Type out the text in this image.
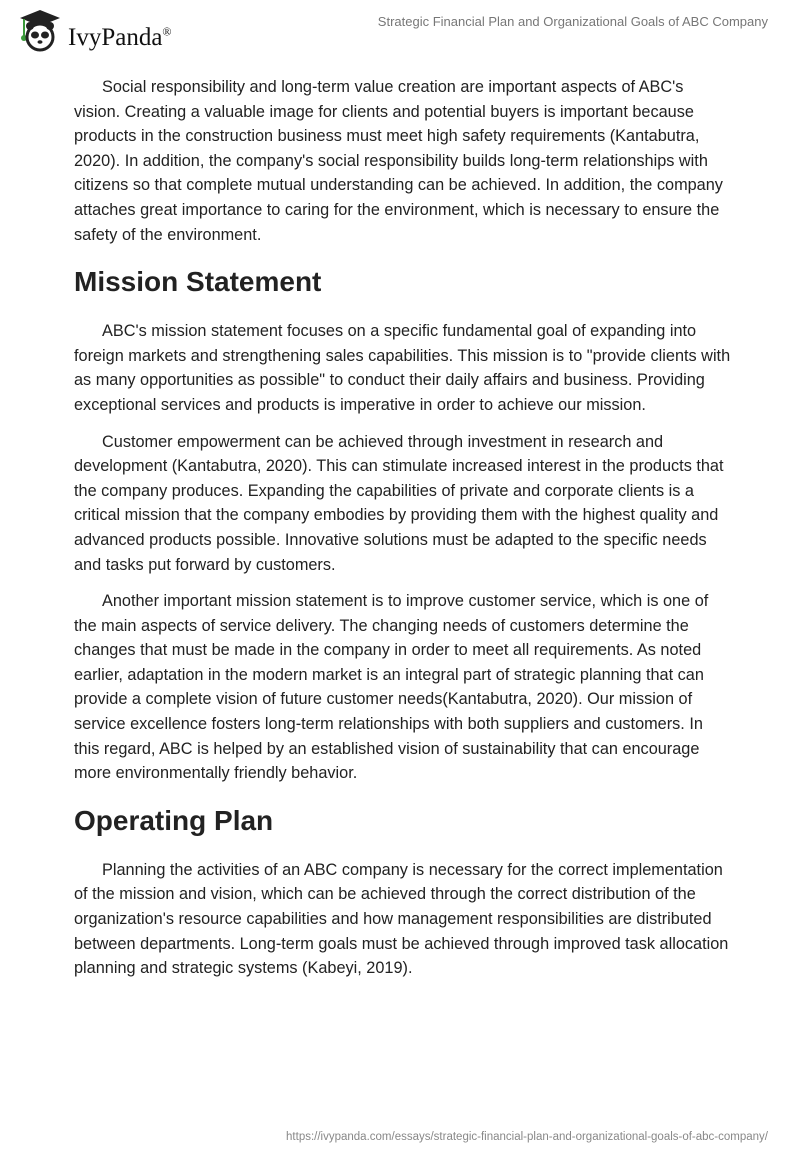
IvyPanda®
Strategic Financial Plan and Organizational Goals of ABC Company

Social responsibility and long-term value creation are important aspects of ABC's vision. Creating a valuable image for clients and potential buyers is important because products in the construction business must meet high safety requirements (Kantabutra, 2020). In addition, the company's social responsibility builds long-term relationships with citizens so that complete mutual understanding can be achieved. In addition, the company attaches great importance to caring for the environment, which is necessary to ensure the safety of the environment.

Mission Statement

ABC's mission statement focuses on a specific fundamental goal of expanding into foreign markets and strengthening sales capabilities. This mission is to "provide clients with as many opportunities as possible" to conduct their daily affairs and business. Providing exceptional services and products is imperative in order to achieve our mission.

Customer empowerment can be achieved through investment in research and development (Kantabutra, 2020). This can stimulate increased interest in the products that the company produces. Expanding the capabilities of private and corporate clients is a critical mission that the company embodies by providing them with the highest quality and advanced products possible. Innovative solutions must be adapted to the specific needs and tasks put forward by customers.

Another important mission statement is to improve customer service, which is one of the main aspects of service delivery. The changing needs of customers determine the changes that must be made in the company in order to meet all requirements. As noted earlier, adaptation in the modern market is an integral part of strategic planning that can provide a complete vision of future customer needs(Kantabutra, 2020). Our mission of service excellence fosters long-term relationships with both suppliers and customers. In this regard, ABC is helped by an established vision of sustainability that can encourage more environmentally friendly behavior.

Operating Plan

Planning the activities of an ABC company is necessary for the correct implementation of the mission and vision, which can be achieved through the correct distribution of the organization's resource capabilities and how management responsibilities are distributed between departments. Long-term goals must be achieved through improved task allocation planning and strategic systems (Kabeyi, 2019).

https://ivypanda.com/essays/strategic-financial-plan-and-organizational-goals-of-abc-company/
